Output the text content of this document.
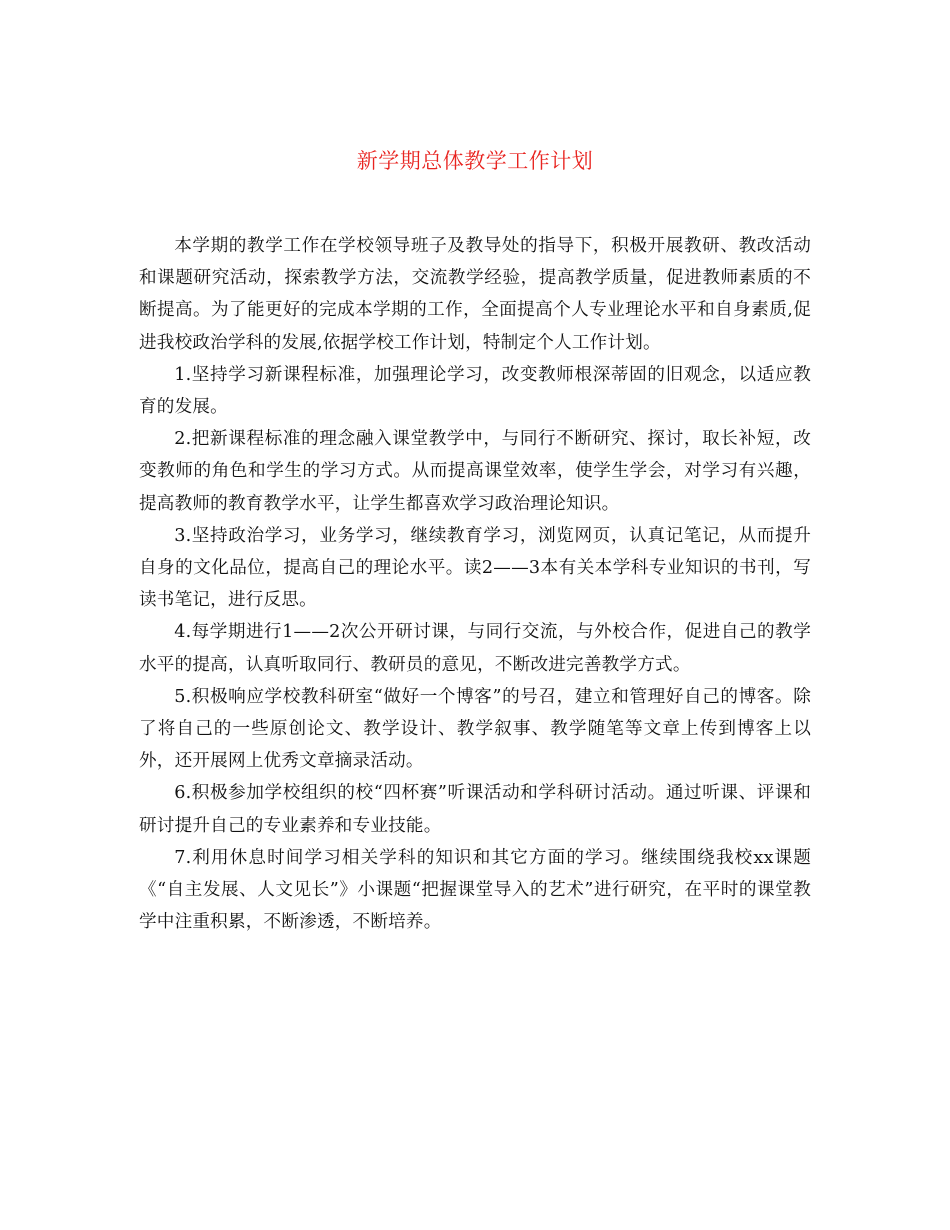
新学期总体教学工作计划

本学期的教学工作在学校领导班子及教导处的指导下，积极开展教研、教改活动和课题研究活动，探索教学方法，交流教学经验，提高教学质量，促进教师素质的不断提高。为了能更好的完成本学期的工作，全面提高个人专业理论水平和自身素质,促进我校政治学科的发展,依据学校工作计划，特制定个人工作计划。

1.坚持学习新课程标准，加强理论学习，改变教师根深蒂固的旧观念，以适应教育的发展。

2.把新课程标准的理念融入课堂教学中，与同行不断研究、探讨，取长补短，改变教师的角色和学生的学习方式。从而提高课堂效率，使学生学会，对学习有兴趣，提高教师的教育教学水平，让学生都喜欢学习政治理论知识。

3.坚持政治学习，业务学习，继续教育学习，浏览网页，认真记笔记，从而提升自身的文化品位，提高自己的理论水平。读2——3本有关本学科专业知识的书刊，写读书笔记，进行反思。

4.每学期进行1——2次公开研讨课，与同行交流，与外校合作，促进自己的教学水平的提高，认真听取同行、教研员的意见，不断改进完善教学方式。

5.积极响应学校教科研室“做好一个博客”的号召，建立和管理好自己的博客。除了将自己的一些原创论文、教学设计、教学叙事、教学随笔等文章上传到博客上以外，还开展网上优秀文章摘录活动。

6.积极参加学校组织的校“四杯赛”听课活动和学科研讨活动。通过听课、评课和研讨提升自己的专业素养和专业技能。

7.利用休息时间学习相关学科的知识和其它方面的学习。继续围绕我校xx课题《“自主发展、人文见长”》小课题“把握课堂导入的艺术”进行研究，在平时的课堂教学中注重积累，不断渗透，不断培养。
